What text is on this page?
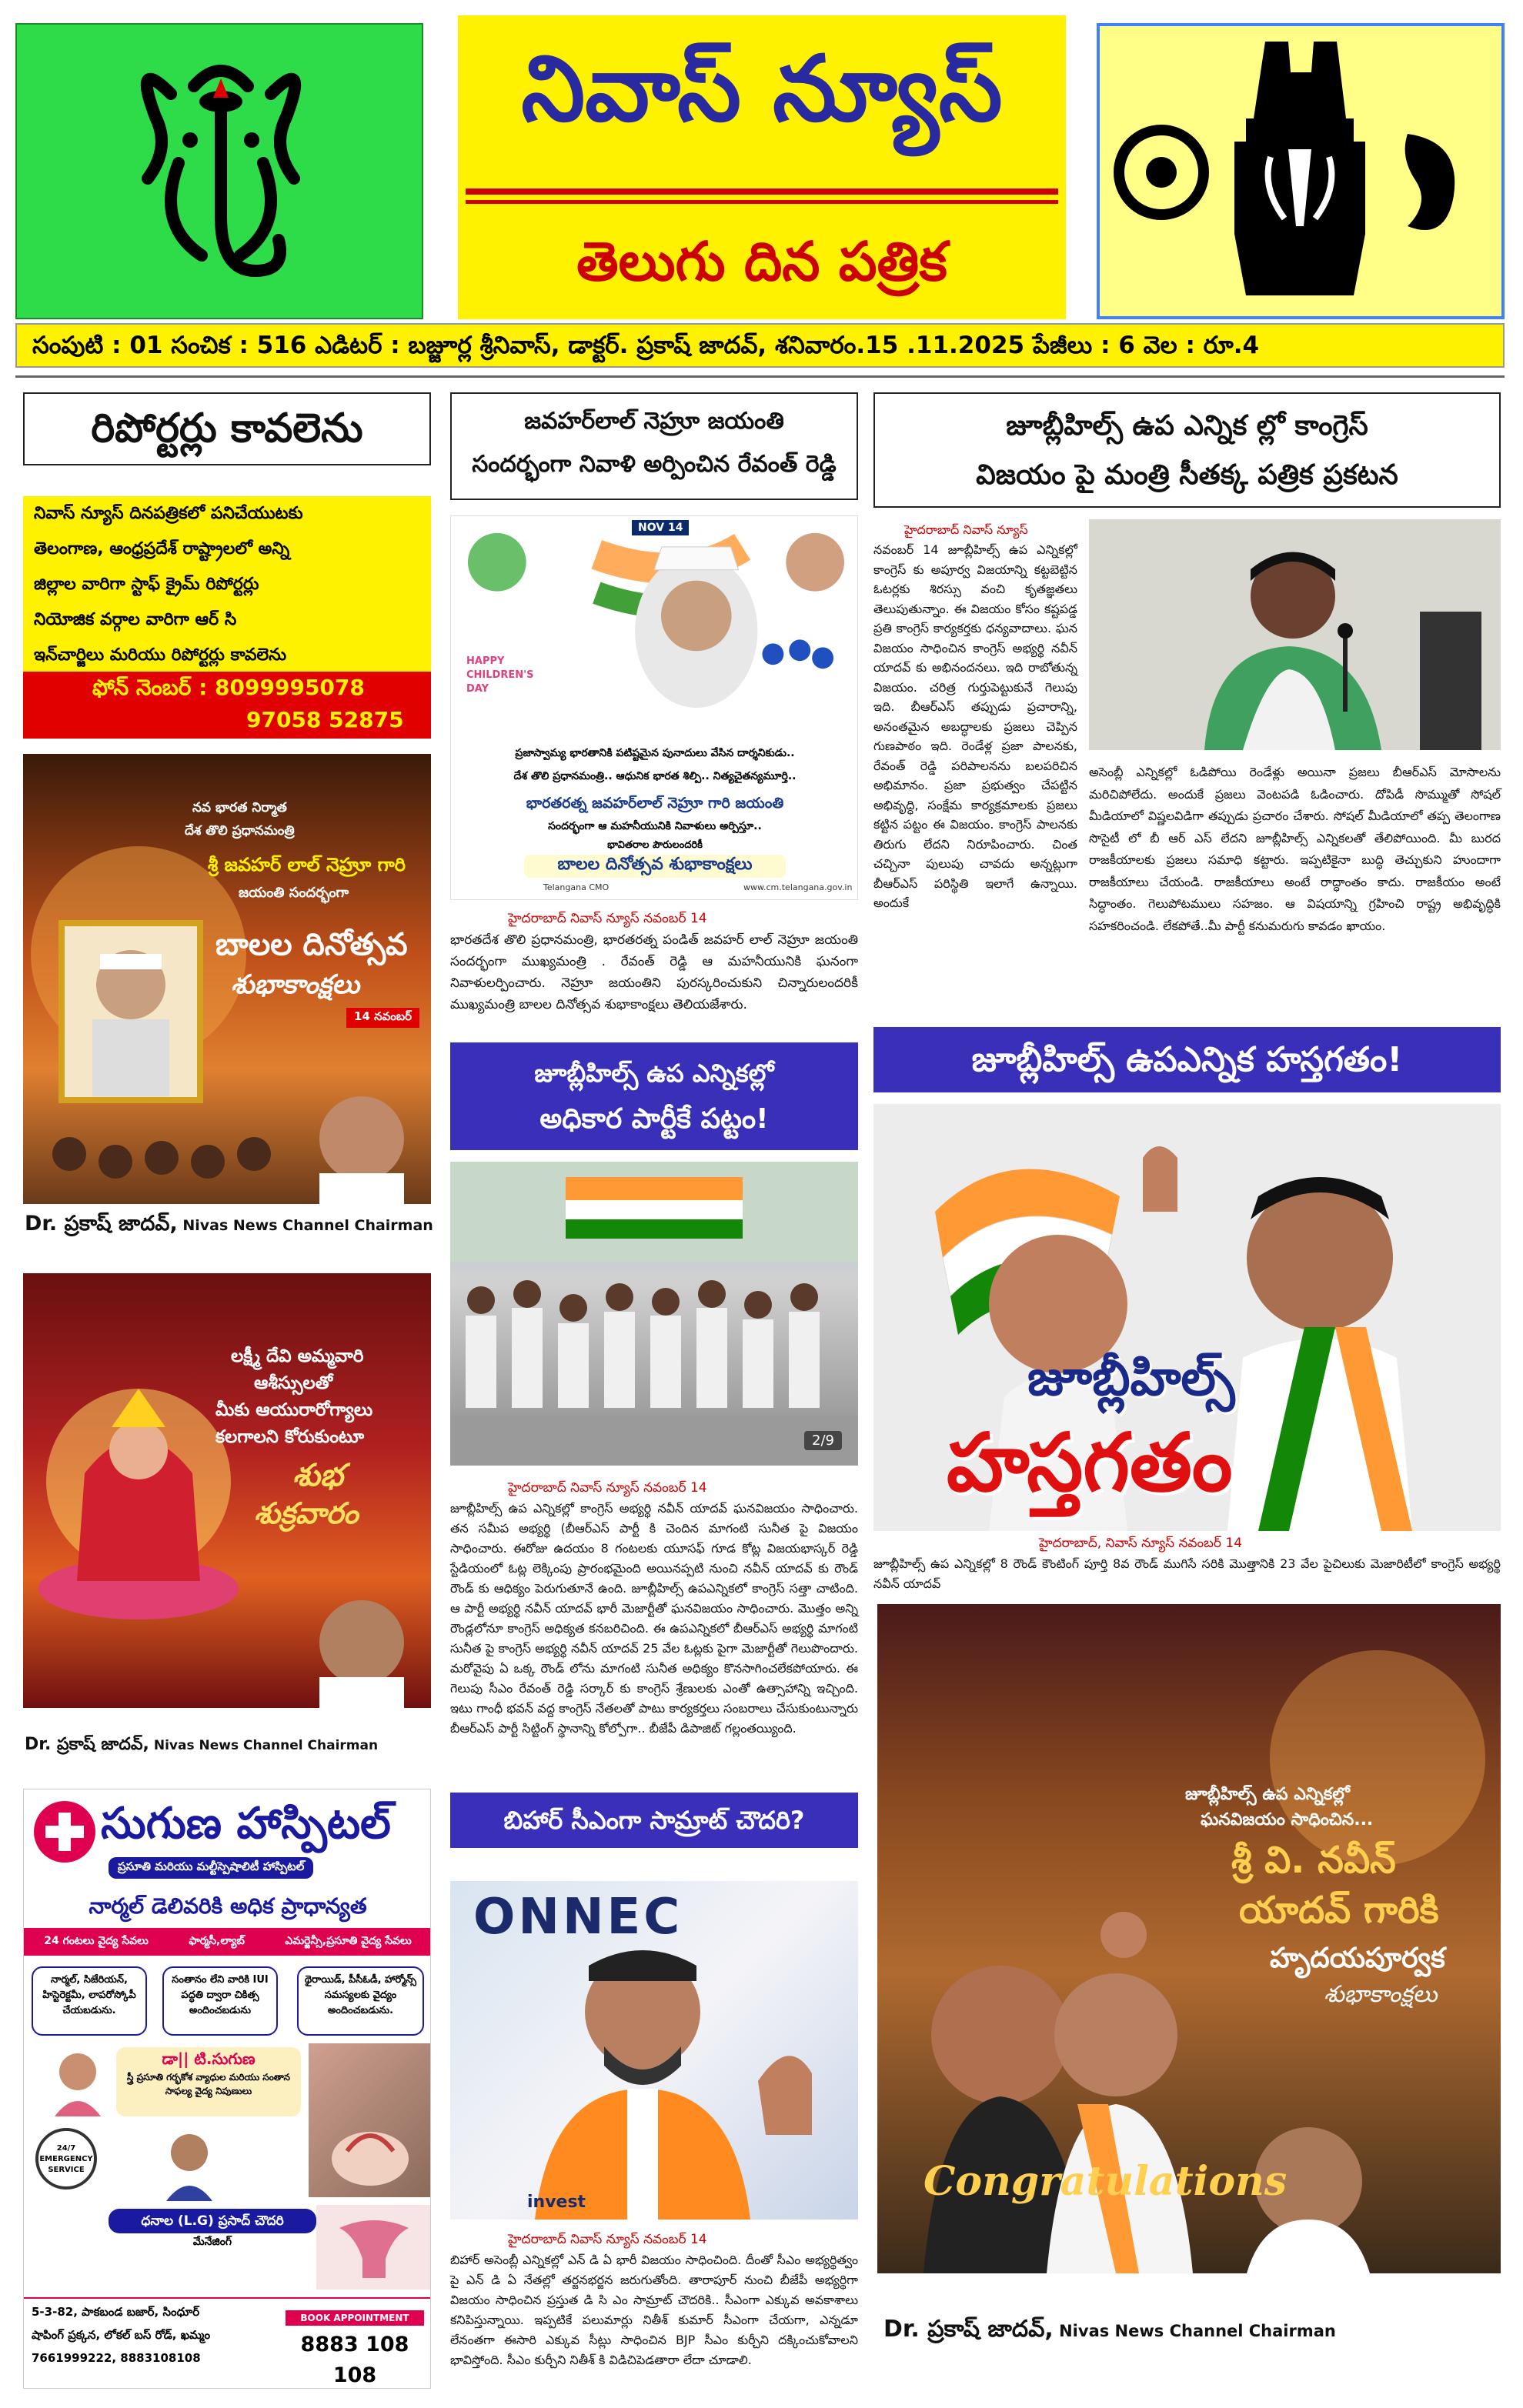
నివాస్ న్యూస్
తెలుగు దిన పత్రిక
సంపుటి : 01 సంచిక : 516 ఎడిటర్ : బజ్జూర్ల శ్రీనివాస్, డాక్టర్. ప్రకాష్ జాదవ్, శనివారం.15 .11.2025 పేజీలు : 6 వెల : రూ.4
రిపోర్టర్లు కావలెను
నివాస్ న్యూస్ దినపత్రికలో పనిచేయుటకు
తెలంగాణ, ఆంధ్రప్రదేశ్ రాష్ట్రాలలో అన్ని
జిల్లాల వారిగా స్టాఫ్ క్రైమ్ రిపోర్టర్లు
నియోజిక వర్గాల వారిగా ఆర్ సి
ఇన్‌చార్జిలు మరియు రిపోర్టర్లు కావలెను
ఫోన్ నెంబర్ : 8099995078
97058 52875
నవ భారత నిర్మాత
దేశ తొలి ప్రధానమంత్రి
శ్రీ జవహర్ లాల్ నెహ్రూ గారి
జయంతి సందర్భంగా
బాలల దినోత్సవ
శుభాకాంక్షలు
14 నవంబర్
Dr. ప్రకాష్ జాదవ్, Nivas News Channel Chairman
లక్ష్మీ దేవి అమ్మవారి
ఆశీస్సులతో
మీకు ఆయురారోగ్యాలు
కలగాలని కోరుకుంటూ
శుభ
శుక్రవారం
Dr. ప్రకాష్ జాదవ్, Nivas News Channel Chairman
సుగుణ హాస్పిటల్
ప్రసూతి మరియు మల్టీస్పెషాలిటీ హాస్పిటల్
నార్మల్ డెలివరికి అధిక ప్రాధాన్యత
24 గంటలు వైద్య సేవలు	ఫార్మసీ,ల్యాబ్	ఎమర్జెన్సీ,ప్రసూతి వైద్య సేవలు
నార్మల్, సిజేరియన్, హిస్టెరెక్టమీ, లాపరోస్కోపీ చేయబడును.
సంతానం లేని వారికి IUI పద్ధతి ద్వారా చికిత్స అందించబడును
థైరాయిడ్, పీసీఓడీ, హార్మోన్స్ సమస్యలకు వైద్యం అందించబడును.
డా|| టి.సుగుణ
స్త్రీ ప్రసూతి గర్భకోశ వ్యాధుల మరియు సంతాన సాఫల్య వైద్య నిపుణులు
24/7 EMERGENCY SERVICE
ధనాల (L.G) ప్రసాద్ చౌదరి
మేనేజింగ్
5-3-82, పాకబండ బజార్, సింధూర్
షాపింగ్ ప్రక్కన, లోకల్ బస్ రోడ్, ఖమ్మం
7661999222, 8883108108
BOOK APPOINTMENT
8883 108 108
జవహర్‌లాల్ నెహ్రూ జయంతి
సందర్భంగా నివాళి అర్పించిన రేవంత్ రెడ్డి
NOV 14
HAPPY CHILDREN'S DAY
ప్రజాస్వామ్య భారతానికి పటిష్టమైన పునాదులు వేసిన దార్శనికుడు..
దేశ తొలి ప్రధానమంత్రి.. ఆధునిక భారత శిల్పి.. నిత్యచైతన్యమూర్తి..
భారతరత్న జవహర్‌లాల్ నెహ్రూ గారి జయంతి
సందర్భంగా ఆ మహనీయునికి నివాళులు అర్పిస్తూ..
భావితరాల పౌరులందరికీ
బాలల దినోత్సవ శుభాకాంక్షలు
Telangana CMO	www.cm.telangana.gov.in
హైదరాబాద్ నివాస్ న్యూస్ నవంబర్ 14
భారతదేశ తొలి ప్రధానమంత్రి, భారతరత్న పండిత్ జవహర్ లాల్ నెహ్రూ జయంతి సందర్భంగా ముఖ్యమంత్రి . రేవంత్ రెడ్డి ఆ మహనీయునికి ఘనంగా నివాళులర్పించారు. నెహ్రూ జయంతిని పురస్కరించుకుని చిన్నారులందరికీ ముఖ్యమంత్రి బాలల దినోత్సవ శుభాకాంక్షలు తెలియజేశారు.
జూబ్లీహిల్స్ ఉప ఎన్నికల్లో
అధికార పార్టీకే పట్టం!
2/9
హైదరాబాద్ నివాస్ న్యూస్ నవంబర్ 14
జూబ్లీహిల్స్ ఉప ఎన్నికల్లో కాంగ్రెస్ అభ్యర్థి నవీన్ యాదవ్ ఘనవిజయం సాధించారు. తన సమీప అభ్యర్థి (బీఆర్ఎస్ పార్టీ కి చెందిన మాగంటి సునీత పై విజయం సాధించారు. ఈరోజు ఉదయం 8 గంటలకు యూసఫ్ గూడ కోట్ల విజయభాస్కర్ రెడ్డి స్టేడియంలో ఓట్ల లెక్కింపు ప్రారంభమైంది అయినప్పటి నుంచి నవీన్ యాదవ్ కు రౌండ్ రౌండ్ కు ఆధిక్యం పెరుగుతూనే ఉంది. జూబ్లీహిల్స్ ఉపఎన్నికలో కాంగ్రెస్ సత్తా చాటింది. ఆ పార్టీ అభ్యర్థి నవీన్ యాదవ్ భారీ మెజార్టీతో ఘనవిజయం సాధించారు. మొత్తం అన్ని రౌండ్లలోనూ కాంగ్రెస్ అధిక్యత కనబరిచింది. ఈ ఉపఎన్నికలో బీఆర్ఎస్ అభ్యర్థి మాగంటి సునీత పై కాంగ్రెస్ అభ్యర్థి నవీన్ యాదవ్ 25 వేల ఓట్లకు పైగా మెజార్టీతో గెలుపొందారు. మరోవైపు ఏ ఒక్క రౌండ్ లోను మాగంటి సునీత అధిక్యం కొనసాగించలేకపోయారు. ఈ గెలుపు సీఎం రేవంత్ రెడ్డి సర్కార్ కు కాంగ్రెస్ శ్రేణులకు ఎంతో ఉత్సాహాన్ని ఇచ్చింది. ఇటు గాంధీ భవన్ వద్ద కాంగ్రెస్ నేతలతో పాటు కార్యకర్తలు సంబరాలు చేసుకుంటున్నారు బీఆర్ఎస్ పార్టీ సిట్టింగ్ స్థానాన్ని కోల్పోగా.. బీజేపీ డిపాజిట్ గల్లంతయ్యింది.
బిహార్ సీఎంగా సామ్రాట్ చౌదరి?
ONNEC
invest
హైదరాబాద్ నివాస్ న్యూస్ నవంబర్ 14
బిహార్ అసెంబ్లీ ఎన్నికల్లో ఎన్ డి ఏ భారీ విజయం సాధించింది. దీంతో సీఎం అభ్యర్థిత్వం పై ఎన్ డి ఏ నేతల్లో తర్జనభర్జన జరుగుతోంది. తారాపూర్ నుంచి బీజేపీ అభ్యర్థిగా విజయం సాధించిన ప్రస్తుత డి సి ఎం సామ్రాట్ చౌదరికి.. సీఎంగా ఎక్కువ అవకాశాలు కనిపిస్తున్నాయి. ఇప్పటికే పలుమార్లు నితీశ్ కుమార్ సీఎంగా చేయగా, ఎన్నడూ లేనంతగా ఈసారి ఎక్కువ సీట్లు సాధించిన BJP సీఎం కుర్చీని దక్కించుకోవాలని భావిస్తోంది. సీఎం కుర్చీని నితీశ్ కి విడిచిపెడతారా లేదా చూడాలి.
జూబ్లీహిల్స్ ఉప ఎన్నిక ల్లో కాంగ్రెస్
విజయం పై మంత్రి సీతక్క పత్రిక ప్రకటన
హైదరాబాద్ నివాస్ న్యూస్
నవంబర్ 14 జూబ్లీహిల్స్ ఉప ఎన్నికల్లో కాంగ్రెస్ కు అపూర్వ విజయాన్ని కట్టబెట్టిన ఓటర్లకు శిరస్సు వంచి కృతజ్ఞతలు తెలుపుతున్నాం. ఈ విజయం కోసం కష్టపడ్డ ప్రతి కాంగ్రెస్ కార్యకర్తకు ధన్యవాదాలు. ఘన విజయం సాధించిన కాంగ్రెస్ అభ్యర్థి నవీన్ యాదవ్ కు అభినందనలు. ఇది రాబోతున్న విజయం. చరిత్ర గుర్తుపెట్టుకునే గెలుపు ఇది. బీఆర్ఎస్ తప్పుడు ప్రచారాన్ని, అనంతమైన అబద్ధాలకు ప్రజలు చెప్పిన గుణపాఠం ఇది. రెండేళ్ల ప్రజా పాలనకు, రేవంత్ రెడ్డి పరిపాలనను బలపరిచిన అభిమానం. ప్రజా ప్రభుత్వం చేపట్టిన అభివృద్ధి, సంక్షేమ కార్యక్రమాలకు ప్రజలు కట్టిన పట్టం ఈ విజయం. కాంగ్రెస్ పాలనకు తిరుగు లేదని నిరూపించారు. చింత చచ్చినా పులుపు చావదు అన్నట్లుగా బీఆర్ఎస్ పరిస్థితి ఇలాగే ఉన్నాయి. అందుకే
అసెంబ్లీ ఎన్నికల్లో ఓడిపోయి రెండేళ్లు అయినా ప్రజలు బీఆర్ఎస్ మోసాలను మరిచిపోలేదు. అందుకే ప్రజలు వెంటపడి ఓడించారు. దోపిడీ సొమ్ముతో సోషల్ మీడియాలో విష్ణలవిడిగా తప్పుడు ప్రచారం చేశారు. సోషల్ మీడియాలో తప్ప తెలంగాణ సొసైటీ లో బీ ఆర్ ఎస్ లేదని జూబ్లీహిల్స్ ఎన్నికలతో తేలిపోయింది. మీ బురద రాజకీయాలకు ప్రజలు సమాధి కట్టారు. ఇప్పటికైనా బుద్ధి తెచ్చుకుని హుందాగా రాజకీయాలు చేయండి. రాజకీయాలు అంటే రాద్ధాంతం కాదు. రాజకీయం అంటే సిద్ధాంతం. గెలుపోటములు సహజం. ఆ విషయాన్ని గ్రహించి రాష్ట్ర అభివృద్ధికి సహకరించండి. లేకపోతే..మీ పార్టీ కనుమరుగు కావడం ఖాయం.
జూబ్లీహిల్స్ ఉపఎన్నిక హస్తగతం!
జూబ్లీహిల్స్
హస్తగతం
హైదరాబాద్, నివాస్ న్యూస్ నవంబర్ 14
జూబ్లీహిల్స్ ఉప ఎన్నికల్లో 8 రౌండ్ కౌంటింగ్ పూర్తి 8వ రౌండ్ ముగిసే సరికి మొత్తానికి 23 వేల పైచిలుకు మెజారిటీలో కాంగ్రెస్ అభ్యర్థి నవీన్ యాదవ్
జూబ్లీహిల్స్ ఉప ఎన్నికల్లో
ఘనవిజయం సాధించిన...
శ్రీ వి. నవీన్
యాదవ్ గారికి
హృదయపూర్వక
శుభాకాంక్షలు
Congratulations
Dr. ప్రకాష్ జాదవ్, Nivas News Channel Chairman
